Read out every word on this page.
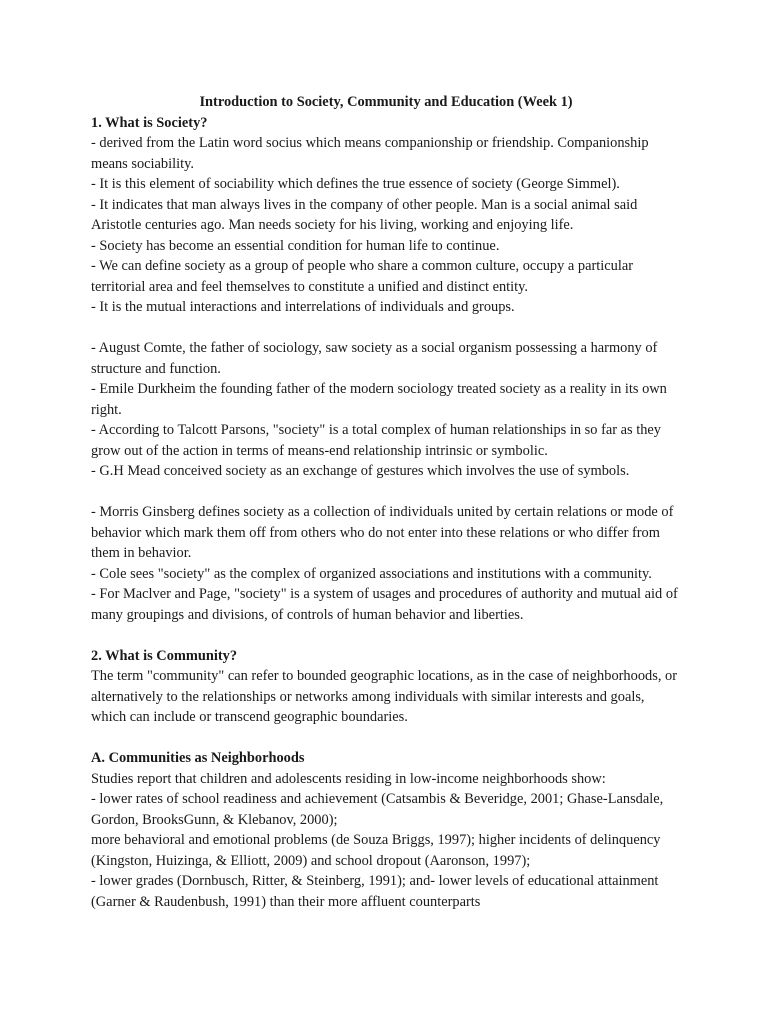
Introduction to Society, Community and Education (Week 1)

1. What is Society?

- derived from the Latin word socius which means companionship or friendship. Companionship means sociability.

- It is this element of sociability which defines the true essence of society (George Simmel).

- It indicates that man always lives in the company of other people. Man is a social animal said Aristotle centuries ago. Man needs society for his living, working and enjoying life.

- Society has become an essential condition for human life to continue.

- We can define society as a group of people who share a common culture, occupy a particular territorial area and feel themselves to constitute a unified and distinct entity.

- It is the mutual interactions and interrelations of individuals and groups.

- August Comte, the father of sociology, saw society as a social organism possessing a harmony of structure and function.

- Emile Durkheim the founding father of the modern sociology treated society as a reality in its own right.

- According to Talcott Parsons, "society" is a total complex of human relationships in so far as they grow out of the action in terms of means-end relationship intrinsic or symbolic.

- G.H Mead conceived society as an exchange of gestures which involves the use of symbols.

- Morris Ginsberg defines society as a collection of individuals united by certain relations or mode of behavior which mark them off from others who do not enter into these relations or who differ from them in behavior.

- Cole sees "society" as the complex of organized associations and institutions with a community.

- For Maclver and Page, "society" is a system of usages and procedures of authority and mutual aid of many groupings and divisions, of controls of human behavior and liberties.

2. What is Community?

The term "community" can refer to bounded geographic locations, as in the case of neighborhoods, or alternatively to the relationships or networks among individuals with similar interests and goals, which can include or transcend geographic boundaries.

A. Communities as Neighborhoods

Studies report that children and adolescents residing in low-income neighborhoods show:

- lower rates of school readiness and achievement (Catsambis & Beveridge, 2001; Ghase-Lansdale, Gordon, BrooksGunn, & Klebanov, 2000);

more behavioral and emotional problems (de Souza Briggs, 1997); higher incidents of delinquency (Kingston, Huizinga, & Elliott, 2009) and school dropout (Aaronson, 1997);

- lower grades (Dornbusch, Ritter, & Steinberg, 1991); and- lower levels of educational attainment (Garner & Raudenbush, 1991) than their more affluent counterparts
